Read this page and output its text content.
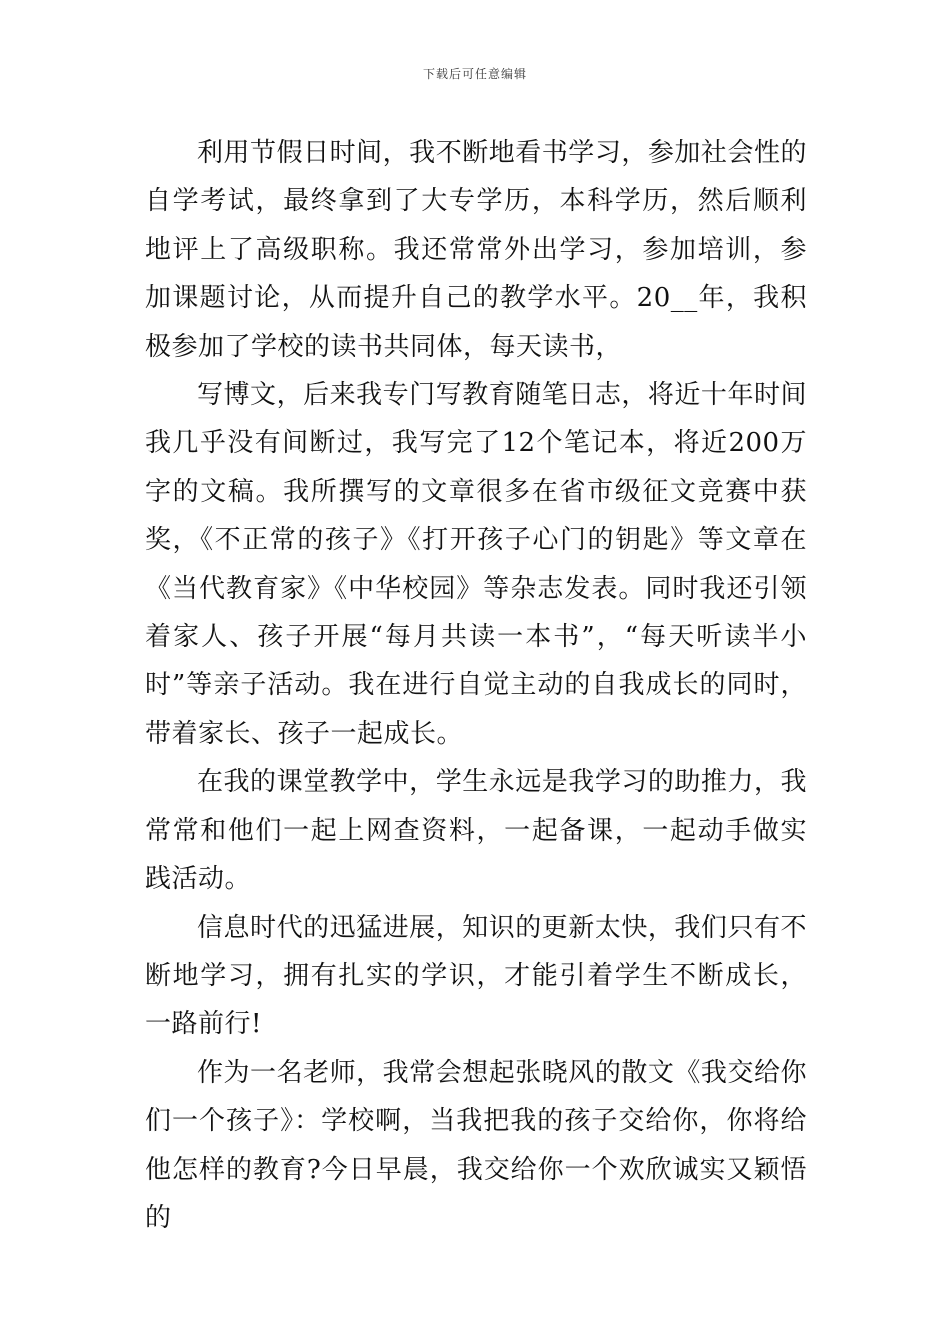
下载后可任意编辑

利用节假日时间，我不断地看书学习，参加社会性的自学考试，最终拿到了大专学历，本科学历，然后顺利地评上了高级职称。我还常常外出学习，参加培训，参加课题讨论，从而提升自己的教学水平。20__年，我积极参加了学校的读书共同体，每天读书，

写博文，后来我专门写教育随笔日志，将近十年时间我几乎没有间断过，我写完了12个笔记本，将近200万字的文稿。我所撰写的文章很多在省市级征文竞赛中获奖，《不正常的孩子》《打开孩子心门的钥匙》等文章在《当代教育家》《中华校园》等杂志发表。同时我还引领着家人、孩子开展“每月共读一本书”，“每天听读半小时”等亲子活动。我在进行自觉主动的自我成长的同时，带着家长、孩子一起成长。

在我的课堂教学中，学生永远是我学习的助推力，我常常和他们一起上网查资料，一起备课，一起动手做实践活动。

信息时代的迅猛进展，知识的更新太快，我们只有不断地学习，拥有扎实的学识，才能引着学生不断成长，一路前行!

作为一名老师，我常会想起张晓风的散文《我交给你们一个孩子》：学校啊，当我把我的孩子交给你，你将给他怎样的教育?今日早晨，我交给你一个欢欣诚实又颖悟的
